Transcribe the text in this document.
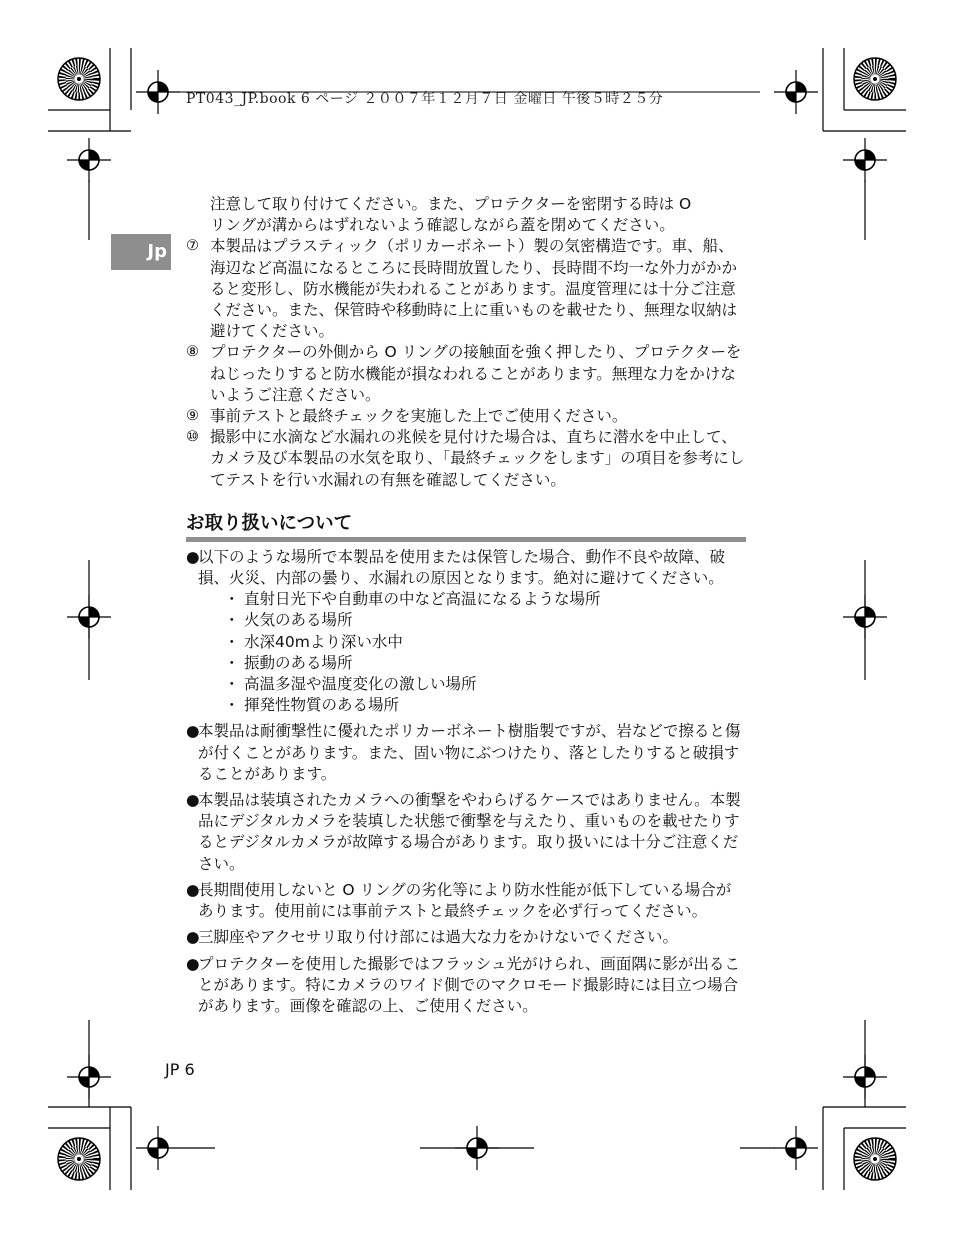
PT043_JP.book 6 ページ ２００７年１２月７日 金曜日 午後５時２５分
Jp

注意して取り付けてください。また、プロテクターを密閉する時は O

リングが溝からはずれないよう確認しながら蓋を閉めてください。

⑦ 本製品はプラスティック（ポリカーボネート）製の気密構造です。車、船、海辺など高温になるところに長時間放置したり、長時間不均一な外力がかかると変形し、防水機能が失われることがあります。温度管理には十分ご注意ください。また、保管時や移動時に上に重いものを載せたり、無理な収納は避けてください。

⑧ プロテクターの外側から O リングの接触面を強く押したり、プロテクターをねじったりすると防水機能が損なわれることがあります。無理な力をかけないようご注意ください。

⑨ 事前テストと最終チェックを実施した上でご使用ください。

⑩ 撮影中に水滴など水漏れの兆候を見付けた場合は、直ちに潜水を中止して、カメラ及び本製品の水気を取り、「最終チェックをします」の項目を参考にしてテストを行い水漏れの有無を確認してください。

お取り扱いについて
●
以下のような場所で本製品を使用または保管した場合、動作不良や故障、破損、火災、内部の曇り、水漏れの原因となります。絶対に避けてください。
・ 直射日光下や自動車の中など高温になるような場所
・ 火気のある場所
・ 水深40mより深い水中
・ 振動のある場所
・ 高温多湿や温度変化の激しい場所
・ 揮発性物質のある場所
●
本製品は耐衝撃性に優れたポリカーボネート樹脂製ですが、岩などで擦ると傷が付くことがあります。また、固い物にぶつけたり、落としたりすると破損することがあります。
●
本製品は装填されたカメラへの衝撃をやわらげるケースではありません。本製品にデジタルカメラを装填した状態で衝撃を与えたり、重いものを載せたりするとデジタルカメラが故障する場合があります。取り扱いには十分ご注意ください。
●
長期間使用しないと O リングの劣化等により防水性能が低下している場合があります。使用前には事前テストと最終チェックを必ず行ってください。
●
三脚座やアクセサリ取り付け部には過大な力をかけないでください。
●
プロテクターを使用した撮影ではフラッシュ光がけられ、画面隅に影が出ることがあります。特にカメラのワイド側でのマクロモード撮影時には目立つ場合があります。画像を確認の上、ご使用ください。
JP 6
